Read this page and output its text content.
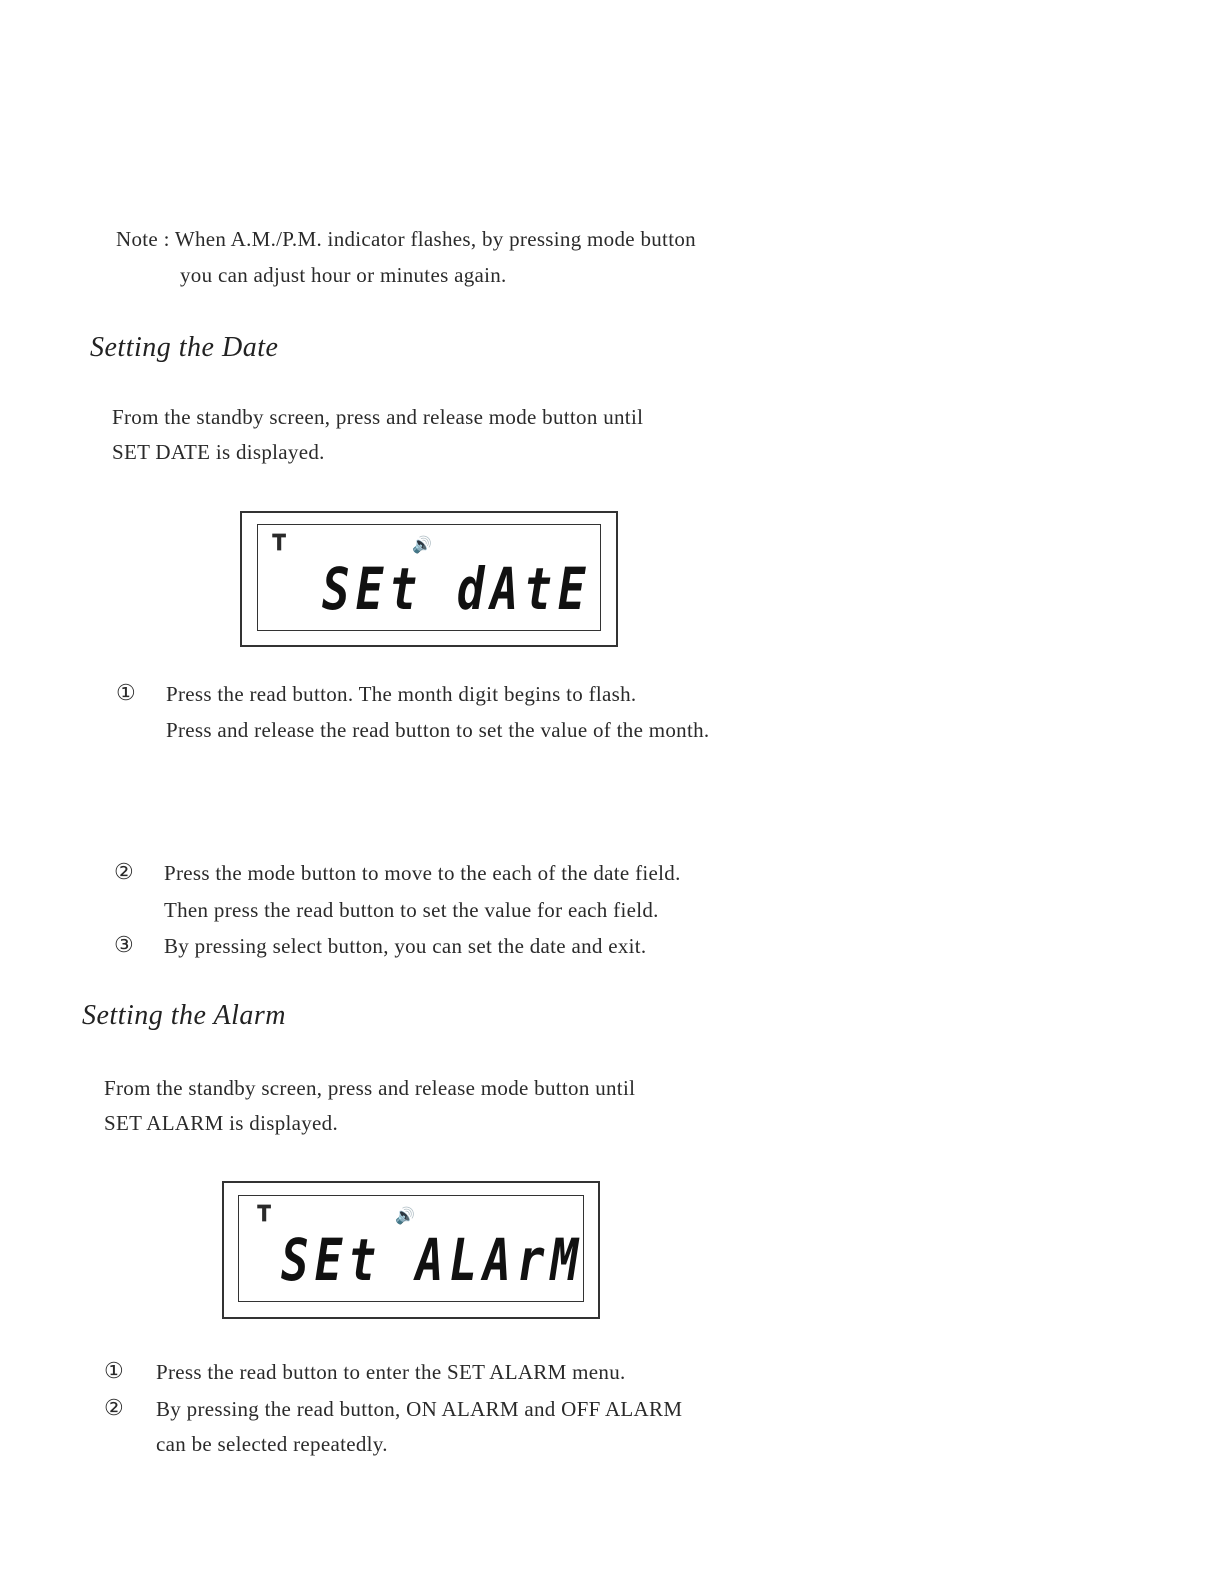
Note : When A.M./P.M. indicator flashes, by pressing mode button
you can adjust hour or minutes again.
Setting the Date
From the standby screen, press and release mode button until
SET DATE is displayed.
𝚻	🔊
SEt dAtE
① Press the read button. The month digit begins to flash.
Press and release the read button to set the value of the month.
② Press the mode button to move to the each of the date field.
Then press the read button to set the value for each field.
③ By pressing select button, you can set the date and exit.
Setting the Alarm
From the standby screen, press and release mode button until
SET ALARM is displayed.
𝚻	🔊
SEt ALArM
① Press the read button to enter the SET ALARM menu.
② By pressing the read button, ON ALARM and OFF ALARM
can be selected repeatedly.
